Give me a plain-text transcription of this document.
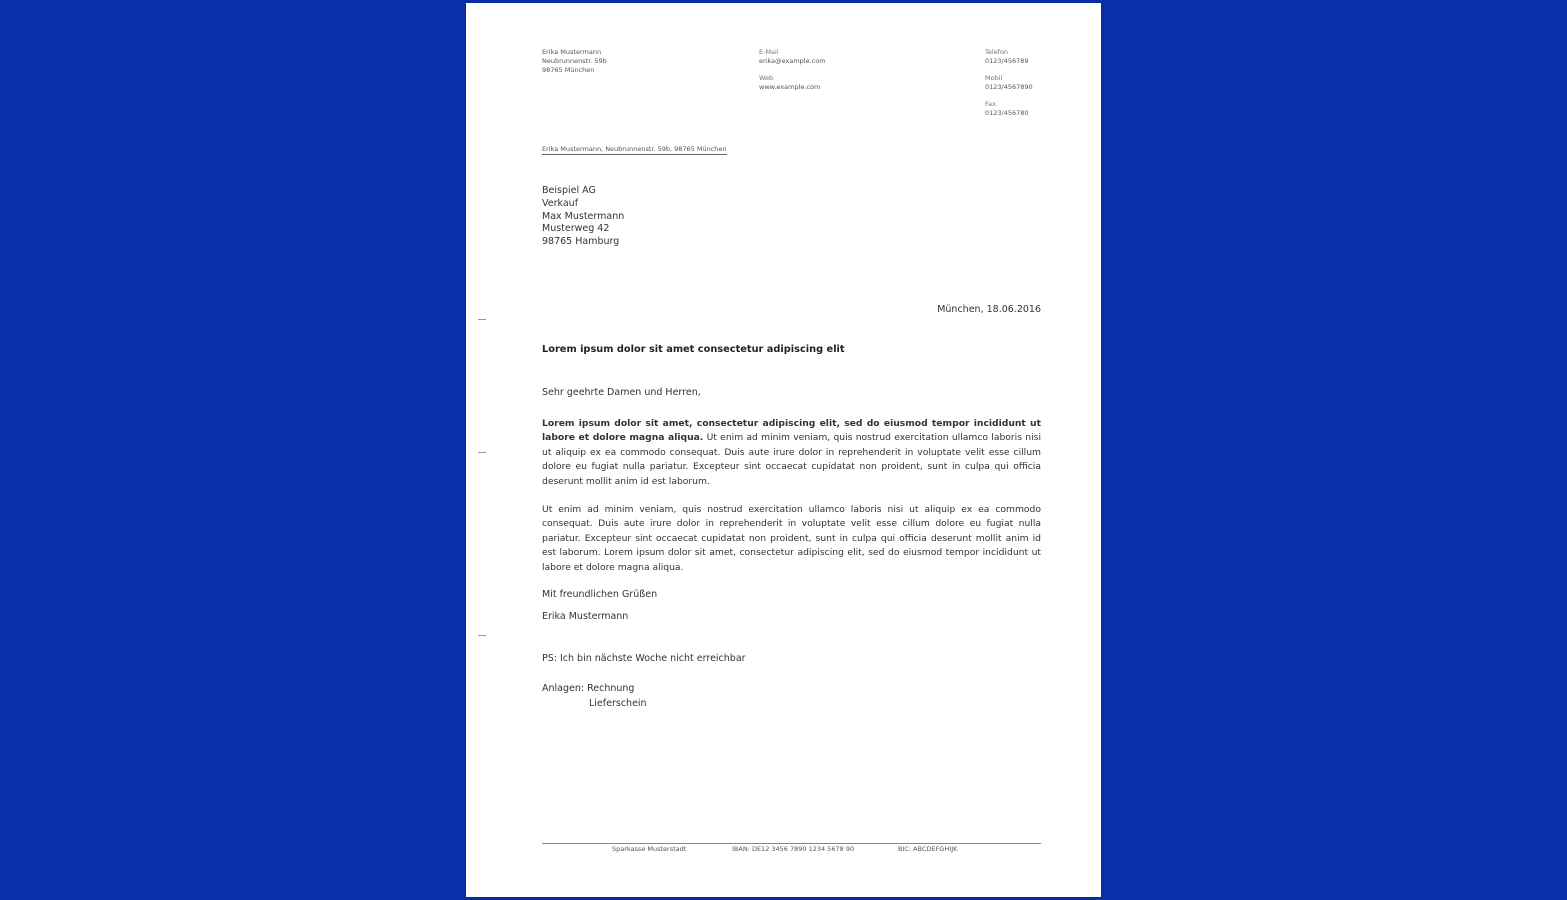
Erika Mustermann
Neubrunnenstr. 59b
98765 München
E-Mail
erika@example.com
Web
www.example.com
Telefon
0123/456789
Mobil
0123/4567890
Fax
0123/456780
Erika Mustermann, Neubrunnenstr. 59b, 98765 München
Beispiel AG
Verkauf
Max Mustermann
Musterweg 42
98765 Hamburg
München, 18.06.2016
Lorem ipsum dolor sit amet consectetur adipiscing elit
Sehr geehrte Damen und Herren,
Lorem ipsum dolor sit amet, consectetur adipiscing elit, sed do eiusmod tempor incididunt ut labore et dolore magna aliqua. Ut enim ad minim veniam, quis nostrud exercitation ullamco laboris nisi ut aliquip ex ea commodo consequat. Duis aute irure dolor in reprehenderit in voluptate velit esse cillum dolore eu fugiat nulla pariatur. Excepteur sint occaecat cupidatat non proident, sunt in culpa qui officia deserunt mollit anim id est laborum.
Ut enim ad minim veniam, quis nostrud exercitation ullamco laboris nisi ut aliquip ex ea commodo consequat. Duis aute irure dolor in reprehenderit in voluptate velit esse cillum dolore eu fugiat nulla pariatur. Excepteur sint occaecat cupidatat non proident, sunt in culpa qui officia deserunt mollit anim id est laborum. Lorem ipsum dolor sit amet, consectetur adipiscing elit, sed do eiusmod tempor incididunt ut labore et dolore magna aliqua.
Mit freundlichen Grüßen
Erika Mustermann
PS: Ich bin nächste Woche nicht erreichbar
Anlagen: Rechnung
Lieferschein
Sparkasse Musterstadt	IBAN: DE12 3456 7890 1234 5678 90	BIC: ABCDEFGHIJK
